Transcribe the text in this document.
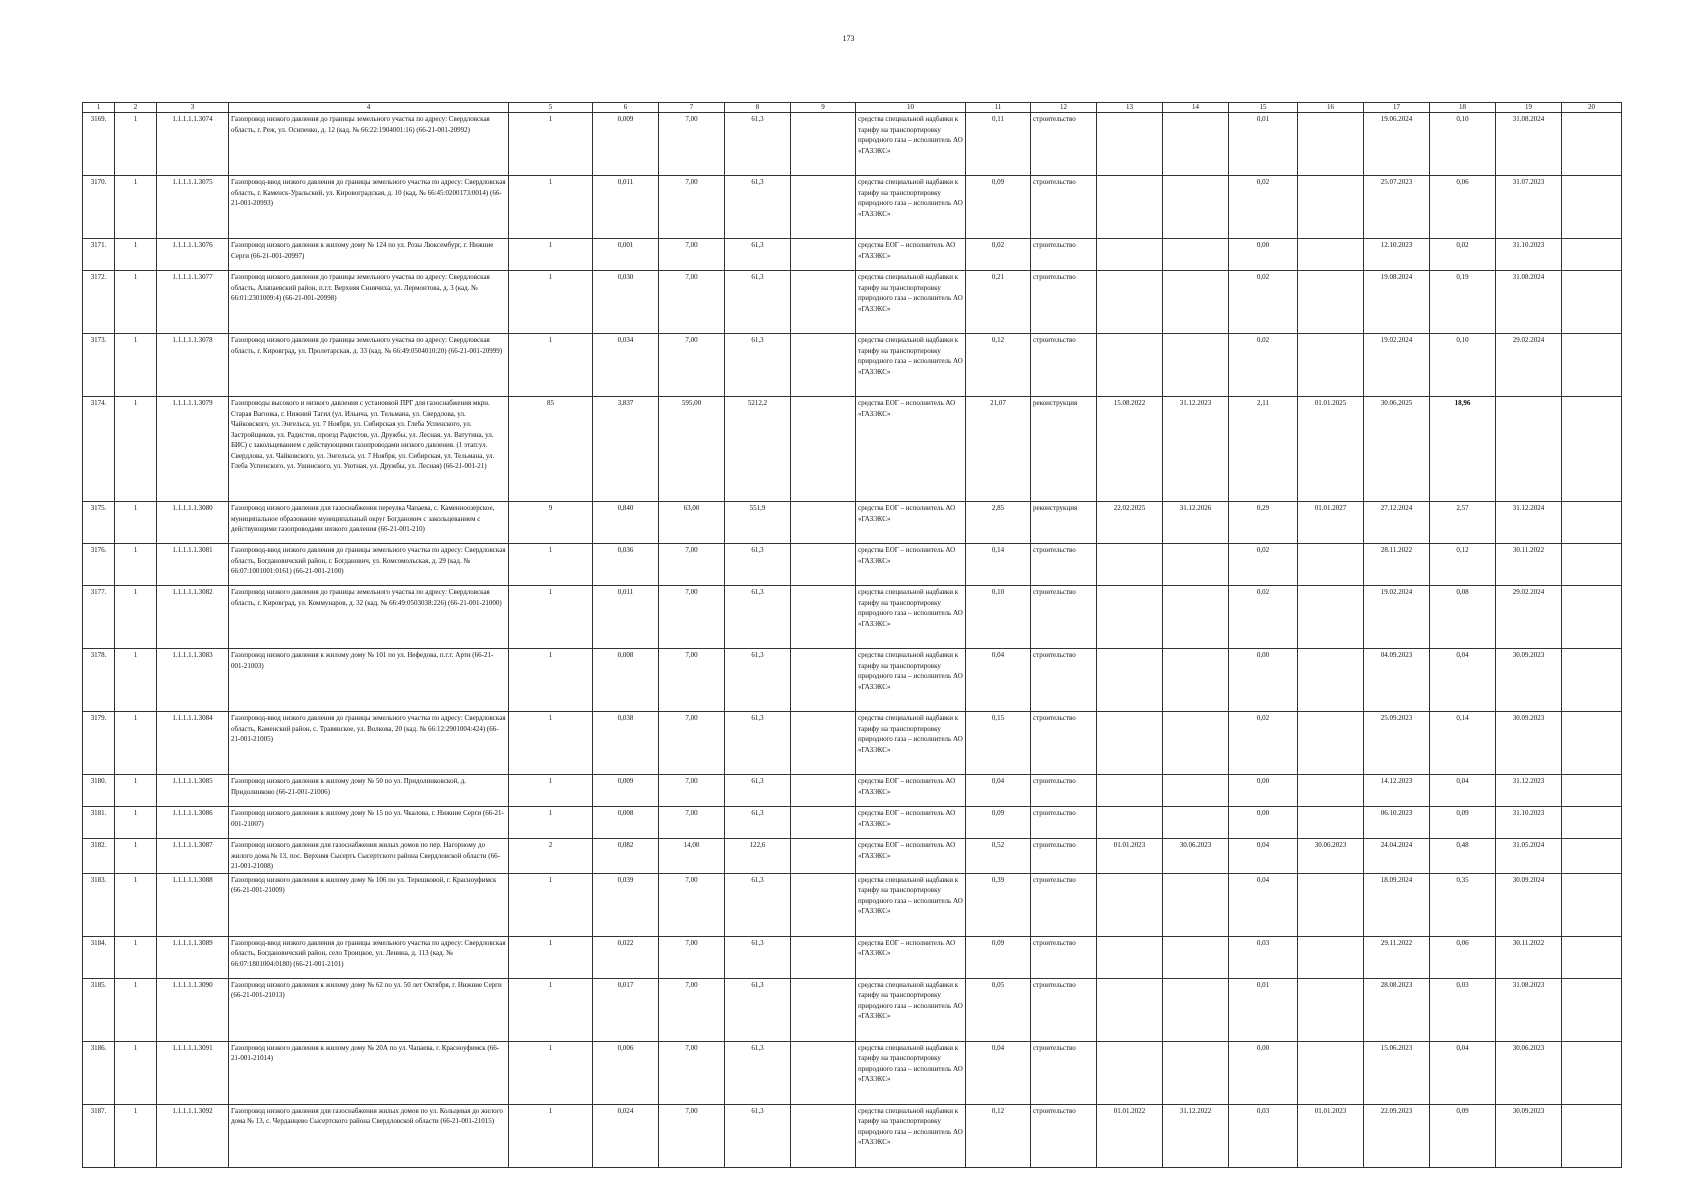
173
1	2	3	4	5	6	7	8	9	10	11	12	13	14	15	16	17	18	19	20
3169.	1	1.1.1.1.1.3074	Газопровод низкого давления до границы земельного участка по адресу: Свердловская область, г. Реж, ул. Осипенко, д. 12 (кад. № 66:22:1904001:16) (66-21-001-20992)	1	0,009	7,00	61,3		средства специальной надбавки к тарифу на транспортировку природного газа – исполнитель АО «ГАЗЭКС»	0,11	строительство			0,01		19.06.2024	0,10	31.08.2024	
3170.	1	1.1.1.1.1.3075	Газопровод-ввод низкого давления до границы земельного участка по адресу: Свердловская область, г. Каменск-Уральский, ул. Кировоградская, д. 10 (кад. № 66:45:0200173:0014) (66-21-001-20993)	1	0,011	7,00	61,3		средства специальной надбавки к тарифу на транспортировку природного газа – исполнитель АО «ГАЗЭКС»	0,09	строительство			0,02		25.07.2023	0,06	31.07.2023	
3171.	1	1.1.1.1.1.3076	Газопровод низкого давления к жилому дому № 124 по ул. Розы Люксембург, г. Нижние Серги (66-21-001-20997)	1	0,001	7,00	61,3		средства ЕОГ – исполнитель АО «ГАЗЭКС»	0,02	строительство			0,00		12.10.2023	0,02	31.10.2023	
3172.	1	1.1.1.1.1.3077	Газопровод низкого давления до границы земельного участка по адресу: Свердловская область, Алапаевский район, п.г.т. Верхняя Синячиха, ул. Лермонтова, д. 3 (кад. № 66:01:2301009:4) (66-21-001-20998)	1	0,030	7,00	61,3		средства специальной надбавки к тарифу на транспортировку природного газа – исполнитель АО «ГАЗЭКС»	0,21	строительство			0,02		19.08.2024	0,19	31.08.2024	
3173.	1	1.1.1.1.1.3078	Газопровод низкого давления до границы земельного участка по адресу: Свердловская область, г. Кировград, ул. Пролетарская, д. 33 (кад. № 66:49:0504010:20) (66-21-001-20999)	1	0,034	7,00	61,3		средства специальной надбавки к тарифу на транспортировку природного газа – исполнитель АО «ГАЗЭКС»	0,12	строительство			0,02		19.02.2024	0,10	29.02.2024	
3174.	1	1.1.1.1.1.3079	Газопроводы высокого и низкого давления с установкой ПРГ для газоснабжения мкрн. Старая Вагонка, г. Нижний Тагил (ул. Ильича, ул. Тельмана, ул. Свердлова, ул. Чайковского, ул. Энгельса, ул. 7 Ноября, ул. Сибирская ул. Глеба Успенского, ул. Застройщиков, ул. Радистов, проезд Радистов, ул. Дружбы, ул. Лесная, ул. Ватутина, ул. БИС) с закольцеванием с действующими газопроводами низкого давления. (1 этап:ул. Свердлова, ул. Чайковского, ул. Энгельса, ул. 7 Ноября, ул. Сибирская, ул. Тельмана, ул. Глеба Успенского, ул. Ушинского, ул. Уютная, ул. Дружбы, ул. Лесная) (66-21-001-21)	85	3,837	595,00	5212,2		средства ЕОГ – исполнитель АО «ГАЗЭКС»	21,07	реконструкция	15.08.2022	31.12.2023	2,11	01.01.2025	30.06.2025	18,96		
3175.	1	1.1.1.1.1.3080	Газопровод низкого давления для газоснабжения переулка Чапаева, с. Каменноозерское, муниципальное образование муниципальный округ Богданович с закольцеванием с действующими газопроводами низкого давления (66-21-001-210)	9	0,840	63,00	551,9		средства ЕОГ – исполнитель АО «ГАЗЭКС»	2,85	реконструкция	22.02.2025	31.12.2026	0,29	01.01.2027	27.12.2024	2,57	31.12.2024	
3176.	1	1.1.1.1.1.3081	Газопровод-ввод низкого давления до границы земельного участка по адресу: Свердловская область, Богдановичский район, г. Богданович, ул. Комсомольская, д. 29 (кад. № 66:07:1001001:0161) (66-21-001-2100)	1	0,036	7,00	61,3		средства ЕОГ – исполнитель АО «ГАЗЭКС»	0,14	строительство			0,02		28.11.2022	0,12	30.11.2022	
3177.	1	1.1.1.1.1.3082	Газопровод низкого давления до границы земельного участка по адресу: Свердловская область, г. Кировград, ул. Коммунаров, д. 32 (кад. № 66:49:0503038:226) (66-21-001-21000)	1	0,011	7,00	61,3		средства специальной надбавки к тарифу на транспортировку природного газа – исполнитель АО «ГАЗЭКС»	0,10	строительство			0,02		19.02.2024	0,08	29.02.2024	
3178.	1	1.1.1.1.1.3083	Газопровод низкого давления к жилому дому № 101 по ул. Нефедова, п.г.т. Арти (66-21-001-21003)	1	0,008	7,00	61,3		средства специальной надбавки к тарифу на транспортировку природного газа – исполнитель АО «ГАЗЭКС»	0,04	строительство			0,00		04.09.2023	0,04	30.09.2023	
3179.	1	1.1.1.1.1.3084	Газопровод-ввод низкого давления до границы земельного участка по адресу: Свердловская область, Каменский район, с. Травянское, ул. Волкова, 20 (кад. № 66:12:2901004:424) (66-21-001-21005)	1	0,038	7,00	61,3		средства специальной надбавки к тарифу на транспортировку природного газа – исполнитель АО «ГАЗЭКС»	0,15	строительство			0,02		25.09.2023	0,14	30.09.2023	
3180.	1	1.1.1.1.1.3085	Газопровод низкого давления к жилому дому № 50 по ул. Придолинковской, д. Придолинково (66-21-001-21006)	1	0,009	7,00	61,3		средства ЕОГ – исполнитель АО «ГАЗЭКС»	0,04	строительство			0,00		14.12.2023	0,04	31.12.2023	
3181.	1	1.1.1.1.1.3086	Газопровод низкого давления к жилому дому № 15 по ул. Чкалова, г. Нижние Серги (66-21-001-21007)	1	0,008	7,00	61,3		средства ЕОГ – исполнитель АО «ГАЗЭКС»	0,09	строительство			0,00		06.10.2023	0,09	31.10.2023	
3182.	1	1.1.1.1.1.3087	Газопровод низкого давления для газоснабжения жилых домов по пер. Нагорному до жилого дома № 13, пос. Верхняя Сысерть Сысертского района Свердловской области (66-21-001-21008)	2	0,082	14,00	122,6		средства ЕОГ – исполнитель АО «ГАЗЭКС»	0,52	строительство	01.01.2023	30.06.2023	0,04	30.06.2023	24.04.2024	0,48	31.05.2024	
3183.	1	1.1.1.1.1.3088	Газопровод низкого давления к жилому дому № 106 по ул. Терешковой, г. Красноуфимск (66-21-001-21009)	1	0,039	7,00	61,3		средства специальной надбавки к тарифу на транспортировку природного газа – исполнитель АО «ГАЗЭКС»	0,39	строительство			0,04		18.09.2024	0,35	30.09.2024	
3184.	1	1.1.1.1.1.3089	Газопровод-ввод низкого давления до границы земельного участка по адресу: Свердловская область, Богдановичский район, село Троицкое, ул. Ленина, д. 113 (кад. № 66:07:1801004:0180) (66-21-001-2101)	1	0,022	7,00	61,3		средства ЕОГ – исполнитель АО «ГАЗЭКС»	0,09	строительство			0,03		29.11.2022	0,06	30.11.2022	
3185.	1	1.1.1.1.1.3090	Газопровод низкого давления к жилому дому № 62 по ул. 50 лет Октября, г. Нижние Серги (66-21-001-21013)	1	0,017	7,00	61,3		средства специальной надбавки к тарифу на транспортировку природного газа – исполнитель АО «ГАЗЭКС»	0,05	строительство			0,01		28.08.2023	0,03	31.08.2023	
3186.	1	1.1.1.1.1.3091	Газопровод низкого давления к жилому дому № 20А по ул. Чапаева, г. Красноуфимск (66-21-001-21014)	1	0,006	7,00	61,3		средства специальной надбавки к тарифу на транспортировку природного газа – исполнитель АО «ГАЗЭКС»	0,04	строительство			0,00		15.06.2023	0,04	30.06.2023	
3187.	1	1.1.1.1.1.3092	Газопровод низкого давления для газоснабжения жилых домов по ул. Кольцевая до жилого дома № 13, с. Черданцево Сысертского района Свердловской области (66-21-001-21015)	1	0,024	7,00	61,3		средства специальной надбавки к тарифу на транспортировку природного газа – исполнитель АО «ГАЗЭКС»	0,12	строительство	01.01.2022	31.12.2022	0,03	01.01.2023	22.09.2023	0,09	30.09.2023	
